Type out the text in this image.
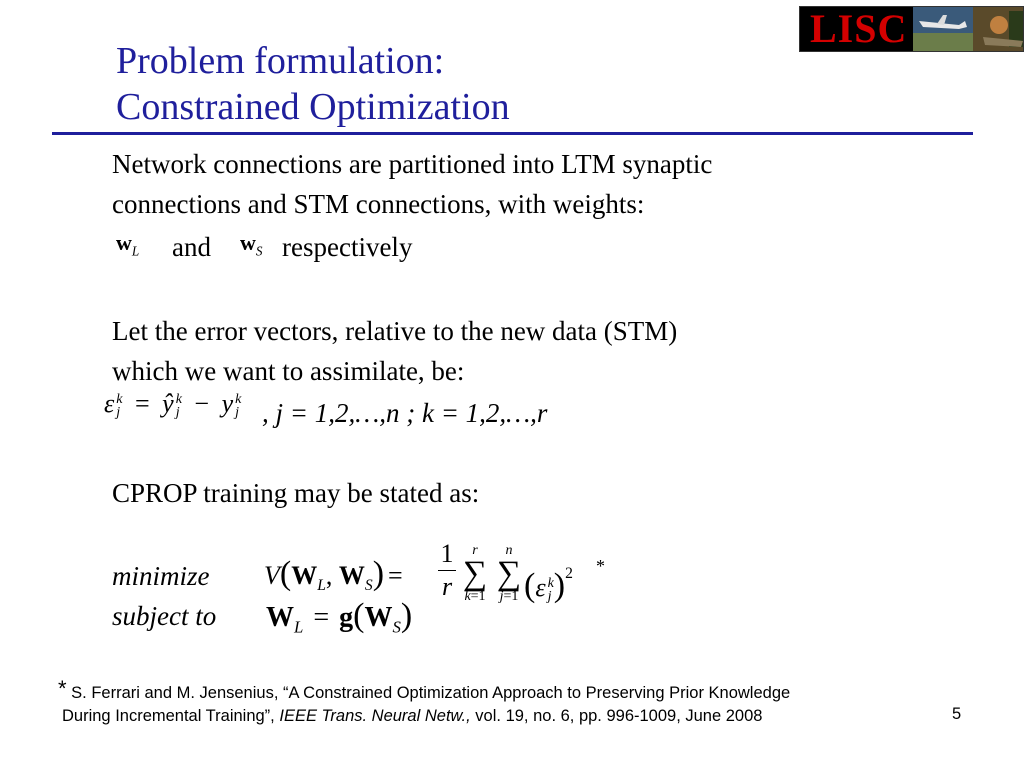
Problem formulation:
Constrained Optimization
LISC
Network connections are partitioned into LTM synaptic
connections and STM connections, with weights:
$w_L$ and $w_S$ respectively
Let the error vectors, relative to the new data (STM)
which we want to assimilate, be:
ε k
j = ŷ k
j − y k
j , j = 1,2,…,n ; k = 1,2,…,r
CPROP training may be stated as:
minimize $V(W_L$, $W_S$) =
1
r
r
∑
k=1
n
∑
j=1 (ε k
j )$^2$ *
subject to $W_L = g(W_S)$
* S. Ferrari and M. Jensenius, “A Constrained Optimization Approach to Preserving Prior Knowledge
During Incremental Training”, IEEE Trans. Neural Netw., vol. 19, no. 6, pp. 996-1009, June 2008	5
